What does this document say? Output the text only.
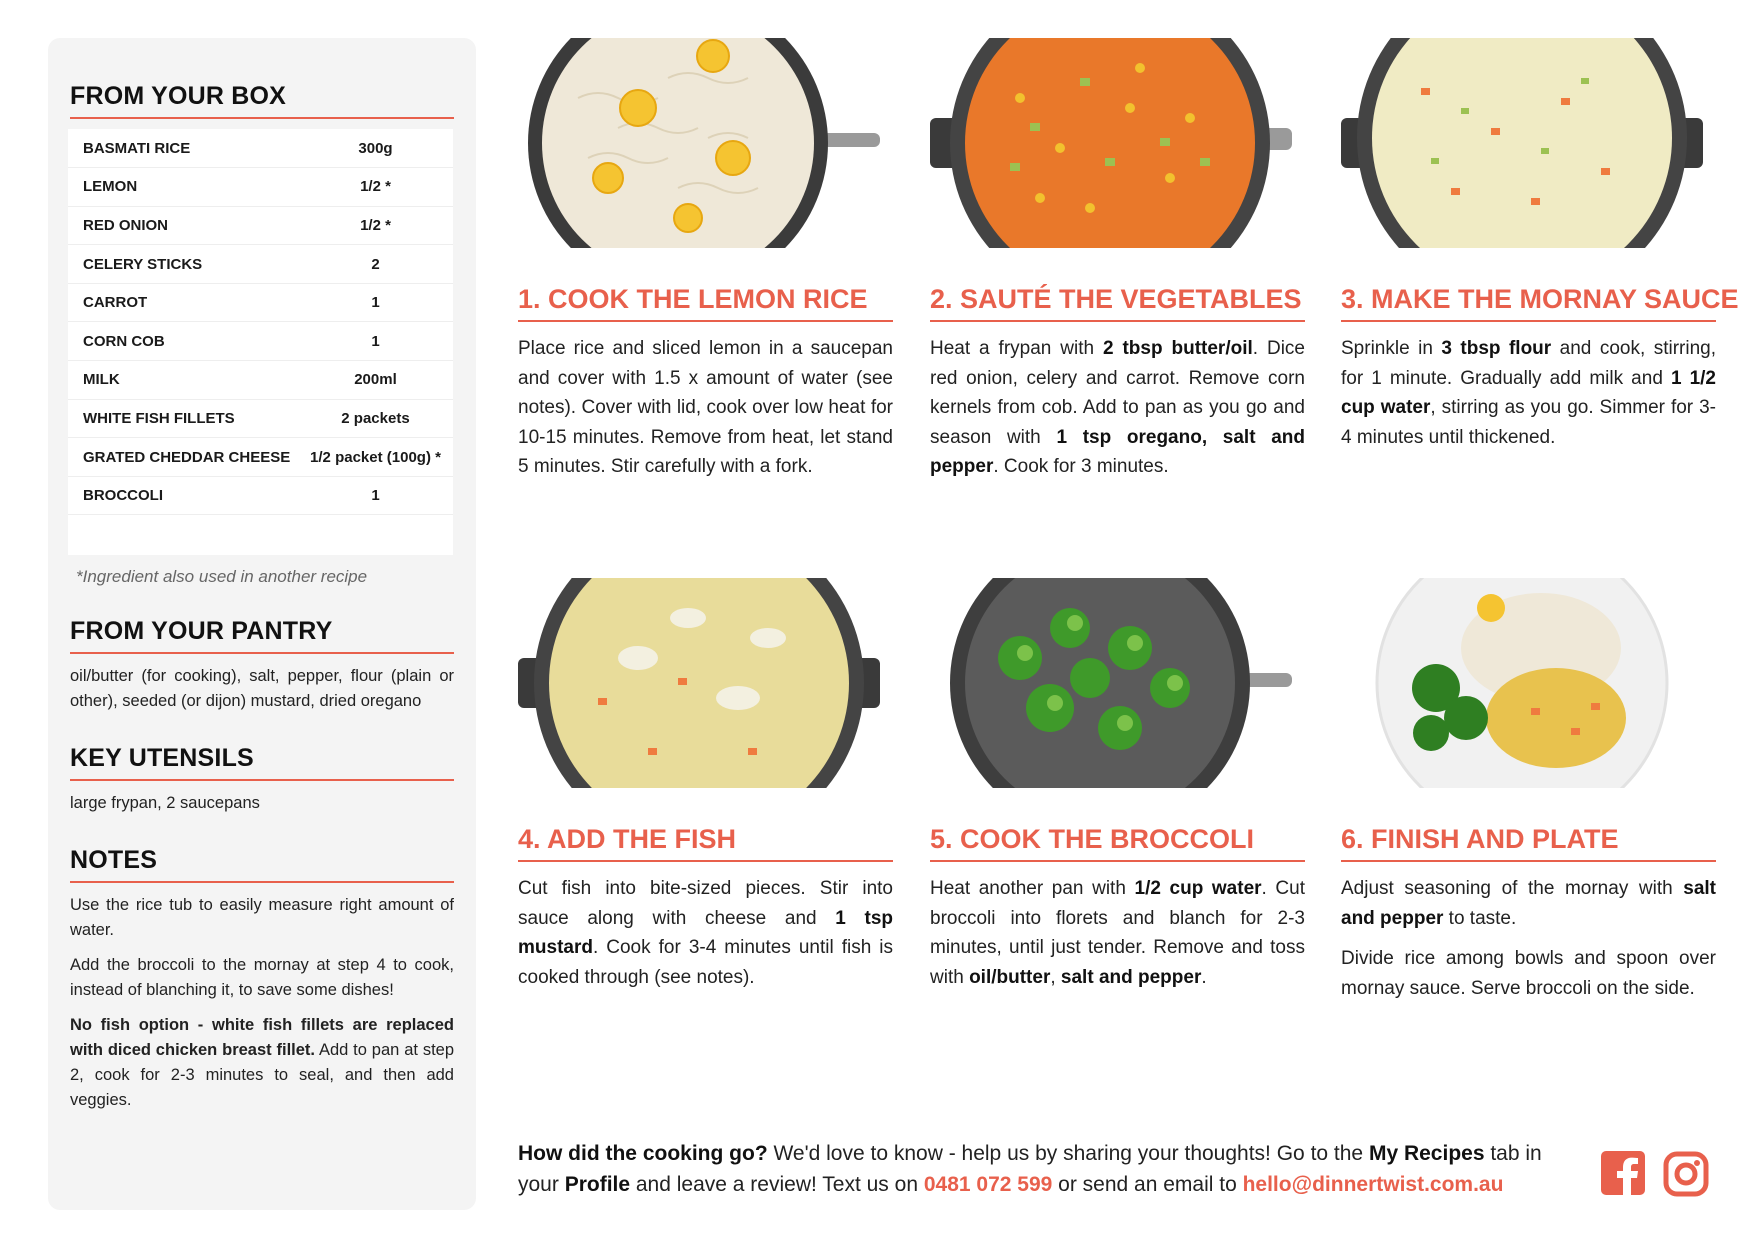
FROM YOUR BOX
BASMATI RICE	300g
LEMON	1/2 *
RED ONION	1/2 *
CELERY STICKS	2
CARROT	1
CORN COB	1
MILK	200ml
WHITE FISH FILLETS	2 packets
GRATED CHEDDAR CHEESE	1/2 packet (100g) *
BROCCOLI	1

*Ingredient also used in another recipe

FROM YOUR PANTRY

oil/butter (for cooking), salt, pepper, flour (plain or other), seeded (or dijon) mustard, dried oregano

KEY UTENSILS

large frypan, 2 saucepans

NOTES

Use the rice tub to easily measure right amount of water.

Add the broccoli to the mornay at step 4 to cook, instead of blanching it, to save some dishes!

No fish option - white fish fillets are replaced with diced chicken breast fillet. Add to pan at step 2, cook for 2-3 minutes to seal, and then add veggies.

1. COOK THE LEMON RICE

Place rice and sliced lemon in a saucepan and cover with 1.5 x amount of water (see notes). Cover with lid, cook over low heat for 10-15 minutes. Remove from heat, let stand 5 minutes. Stir carefully with a fork.

2. SAUTÉ THE VEGETABLES

Heat a frypan with 2 tbsp butter/oil. Dice red onion, celery and carrot. Remove corn kernels from cob. Add to pan as you go and season with 1 tsp oregano, salt and pepper. Cook for 3 minutes.

3. MAKE THE MORNAY SAUCE

Sprinkle in 3 tbsp flour and cook, stirring, for 1 minute. Gradually add milk and 1 1/2 cup water, stirring as you go. Simmer for 3-4 minutes until thickened.

4. ADD THE FISH

Cut fish into bite-sized pieces. Stir into sauce along with cheese and 1 tsp mustard. Cook for 3-4 minutes until fish is cooked through (see notes).

5. COOK THE BROCCOLI

Heat another pan with 1/2 cup water. Cut broccoli into florets and blanch for 2-3 minutes, until just tender. Remove and toss with oil/butter, salt and pepper.

6. FINISH AND PLATE

Adjust seasoning of the mornay with salt and pepper to taste.

Divide rice among bowls and spoon over mornay sauce. Serve broccoli on the side.

How did the cooking go? We'd love to know - help us by sharing your thoughts! Go to the My Recipes tab in your Profile and leave a review! Text us on 0481 072 599 or send an email to hello@dinnertwist.com.au
